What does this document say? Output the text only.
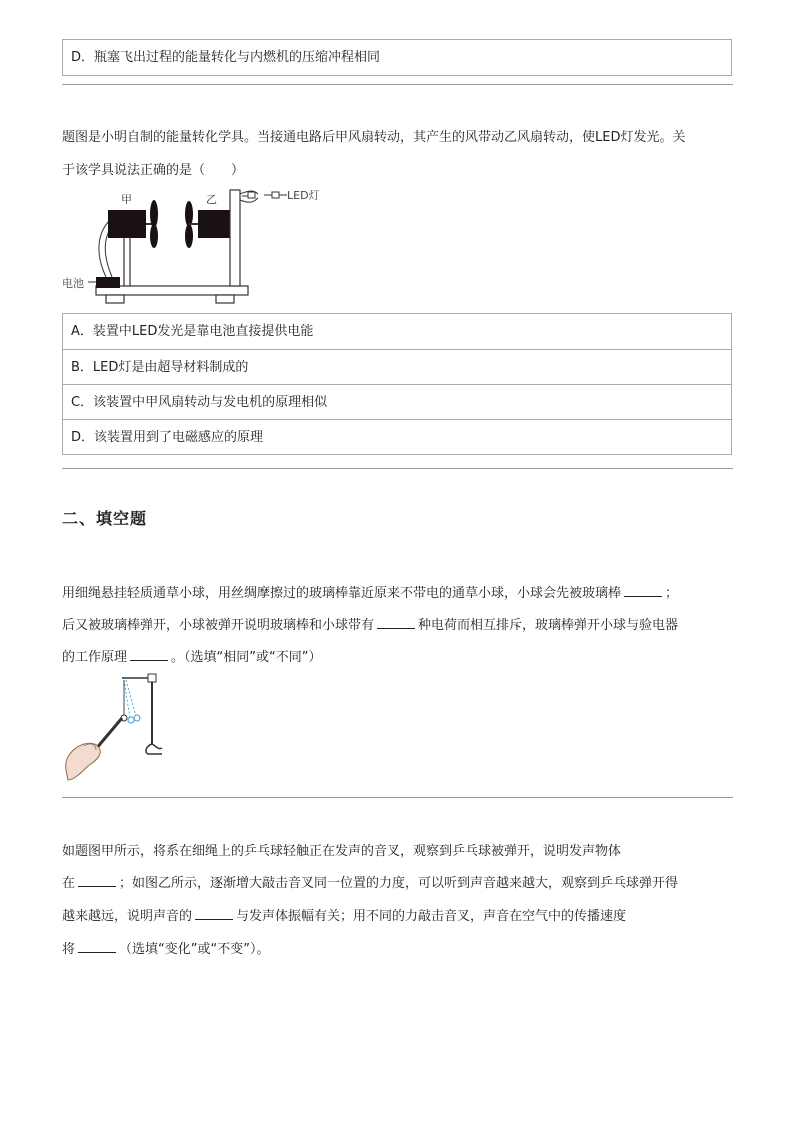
D．瓶塞飞出过程的能量转化与内燃机的压缩冲程相同
题图是小明自制的能量转化学具。当接通电路后甲风扇转动，其产生的风带动乙风扇转动，使LED灯发光。关
于该学具说法正确的是（　　）
电池
甲	乙	LED灯
A．装置中LED发光是靠电池直接提供电能
B．LED灯是由超导材料制成的
C．该装置中甲风扇转动与发电机的原理相似
D．该装置用到了电磁感应的原理
二、填空题
用细绳悬挂轻质通草小球，用丝绸摩擦过的玻璃棒靠近原来不带电的通草小球，小球会先被玻璃棒	；
后又被玻璃棒弹开，小球被弹开说明玻璃棒和小球带有	种电荷而相互排斥，玻璃棒弹开小球与验电器
的工作原理	。（选填“相同”或“不同”）
如题图甲所示，将系在细绳上的乒乓球轻触正在发声的音叉，观察到乒乓球被弹开，说明发声物体
在	；如图乙所示，逐渐增大敲击音叉同一位置的力度，可以听到声音越来越大，观察到乒乓球弹开得
越来越远，说明声音的	与发声体振幅有关；用不同的力敲击音叉，声音在空气中的传播速度
将	（选填“变化”或“不变”）。
